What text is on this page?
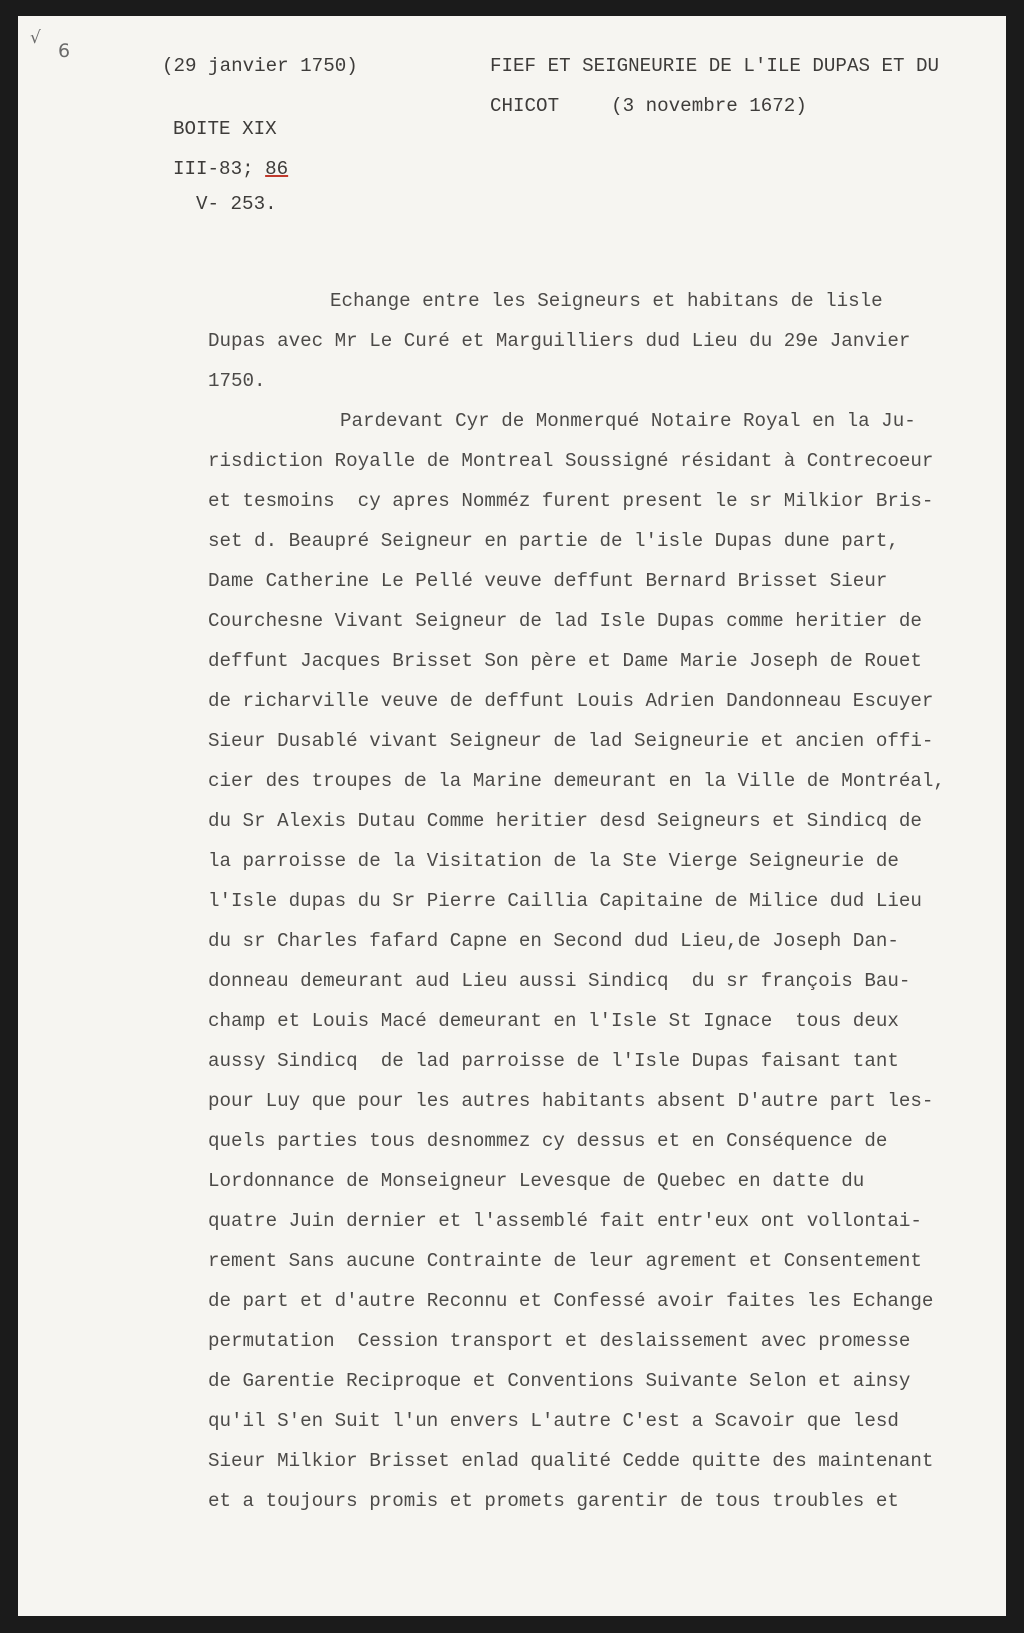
√
6
(29 janvier 1750)	FIEF ET SEIGNEURIE DE L'ILE DUPAS ET DU
CHICOT	(3 novembre 1672)
BOITE XIX
III-83; 86
V- 253.
Echange entre les Seigneurs et habitans de lisle
Dupas avec Mr Le Curé et Marguilliers dud Lieu du 29e Janvier
1750.
Pardevant Cyr de Monmerqué Notaire Royal en la Ju-
risdiction Royalle de Montreal Soussigné résidant à Contrecoeur
et tesmoins  cy apres Nomméz furent present le sr Milkior Bris-
set d. Beaupré Seigneur en partie de l'isle Dupas dune part,
Dame Catherine Le Pellé veuve deffunt Bernard Brisset Sieur
Courchesne Vivant Seigneur de lad Isle Dupas comme heritier de
deffunt Jacques Brisset Son père et Dame Marie Joseph de Rouet
de richarville veuve de deffunt Louis Adrien Dandonneau Escuyer
Sieur Dusablé vivant Seigneur de lad Seigneurie et ancien offi-
cier des troupes de la Marine demeurant en la Ville de Montréal,
du Sr Alexis Dutau Comme heritier desd Seigneurs et Sindicq de
la parroisse de la Visitation de la Ste Vierge Seigneurie de
l'Isle dupas du Sr Pierre Caillia Capitaine de Milice dud Lieu
du sr Charles fafard Capne en Second dud Lieu,de Joseph Dan-
donneau demeurant aud Lieu aussi Sindicq  du sr françois Bau-
champ et Louis Macé demeurant en l'Isle St Ignace  tous deux
aussy Sindicq  de lad parroisse de l'Isle Dupas faisant tant
pour Luy que pour les autres habitants absent D'autre part les-
quels parties tous desnommez cy dessus et en Conséquence de
Lordonnance de Monseigneur Levesque de Quebec en datte du
quatre Juin dernier et l'assemblé fait entr'eux ont vollontai-
rement Sans aucune Contrainte de leur agrement et Consentement
de part et d'autre Reconnu et Confessé avoir faites les Echange
permutation  Cession transport et deslaissement avec promesse
de Garentie Reciproque et Conventions Suivante Selon et ainsy
qu'il S'en Suit l'un envers L'autre C'est a Scavoir que lesd
Sieur Milkior Brisset enlad qualité Cedde quitte des maintenant
et a toujours promis et promets garentir de tous troubles et
